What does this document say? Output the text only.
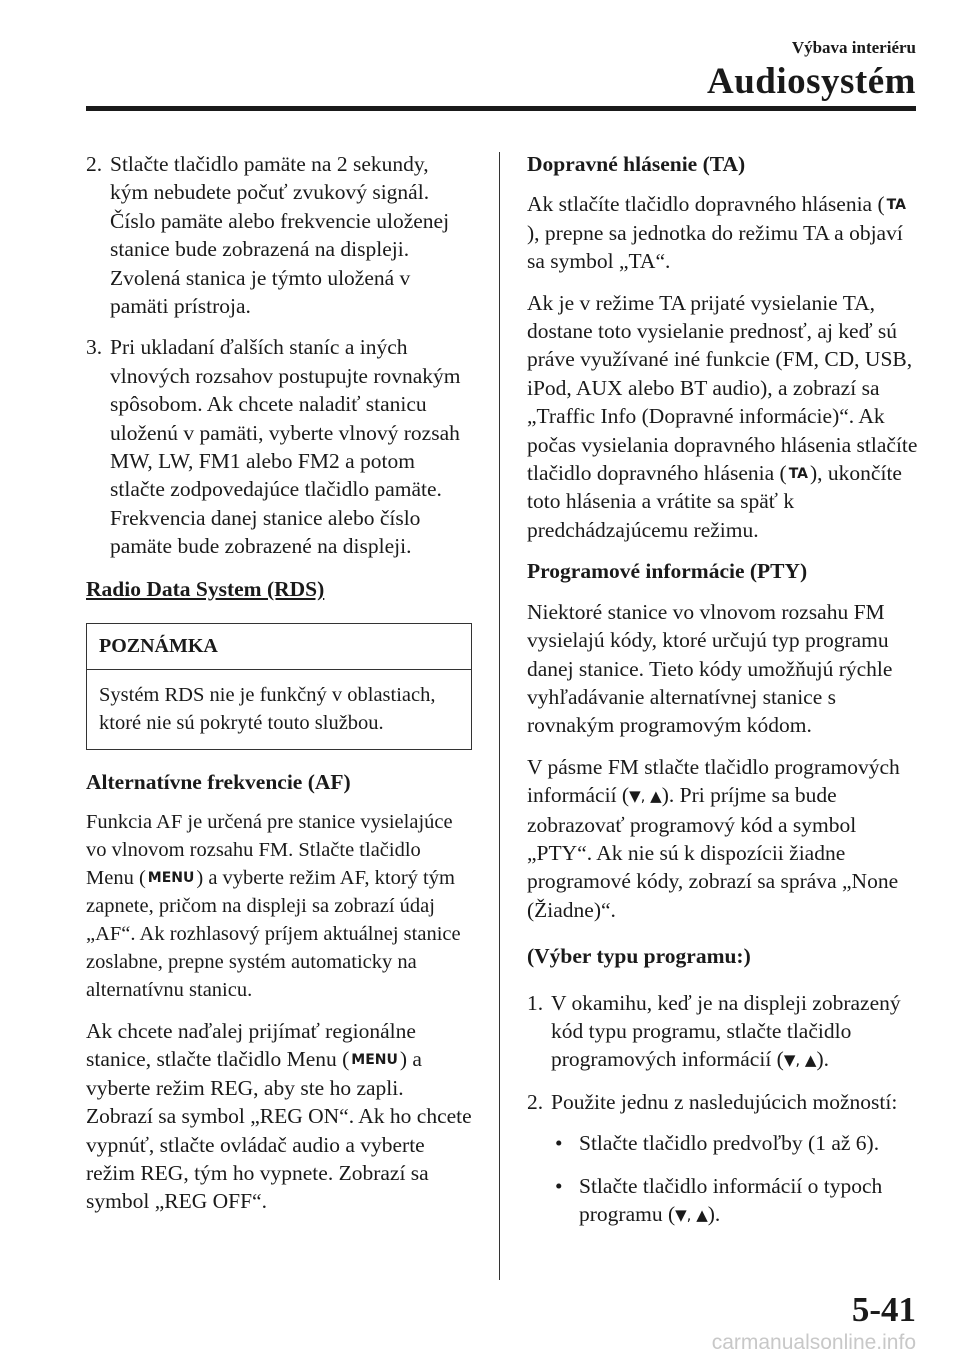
Výbava interiéru
Audiosystém
2. Stlačte tlačidlo pamäte na 2 sekundy, kým nebudete počuť zvukový signál. Číslo pamäte alebo frekvencie uloženej stanice bude zobrazená na displeji. Zvolená stanica je týmto uložená v pamäti prístroja.
3. Pri ukladaní ďalších staníc a iných vlnových rozsahov postupujte rovnakým spôsobom. Ak chcete naladiť stanicu uloženú v pamäti, vyberte vlnový rozsah MW, LW, FM1 alebo FM2 a potom stlačte zodpovedajúce tlačidlo pamäte. Frekvencia danej stanice alebo číslo pamäte bude zobrazené na displeji.
Radio Data System (RDS)
POZNÁMKA
Systém RDS nie je funkčný v oblastiach, ktoré nie sú pokryté touto službou.
Alternatívne frekvencie (AF)

Funkcia AF je určená pre stanice vysielajúce vo vlnovom rozsahu FM. Stlačte tlačidlo Menu ( MENU) a vyberte režim AF, ktorý tým zapnete, pričom na displeji sa zobrazí údaj „AF“. Ak rozhlasový príjem aktuálnej stanice zoslabne, prepne systém automaticky na alternatívnu stanicu.

Ak chcete naďalej prijímať regionálne stanice, stlačte tlačidlo Menu ( MENU) a vyberte režim REG, aby ste ho zapli. Zobrazí sa symbol „REG ON“. Ak ho chcete vypnúť, stlačte ovládač audio a vyberte režim REG, tým ho vypnete. Zobrazí sa symbol „REG OFF“.

Dopravné hlásenie (TA)

Ak stlačíte tlačidlo dopravného hlásenia ( TA), prepne sa jednotka do režimu TA a objaví sa symbol „TA“.

Ak je v režime TA prijaté vysielanie TA, dostane toto vysielanie prednosť, aj keď sú práve využívané iné funkcie (FM, CD, USB, iPod, AUX alebo BT audio), a zobrazí sa „Traffic Info (Dopravné informácie)“. Ak počas vysielania dopravného hlásenia stlačíte tlačidlo dopravného hlásenia ( TA), ukončíte toto hlásenia a vrátite sa späť k predchádzajúcemu režimu.

Programové informácie (PTY)

Niektoré stanice vo vlnovom rozsahu FM vysielajú kódy, ktoré určujú typ programu danej stanice. Tieto kódy umožňujú rýchle vyhľadávanie alternatívnej stanice s rovnakým programovým kódom.

V pásme FM stlačte tlačidlo programových informácií (▼, ▲). Pri príjme sa bude zobrazovať programový kód a symbol „PTY“. Ak nie sú k dispozícii žiadne programové kódy, zobrazí sa správa „None (Žiadne)“.

(Výber typu programu:)
1. V okamihu, keď je na displeji zobrazený kód typu programu, stlačte tlačidlo programových informácií (▼, ▲).
2. Použite jednu z nasledujúcich možností:
• Stlačte tlačidlo predvoľby (1 až 6).
• Stlačte tlačidlo informácií o typoch programu (▼, ▲).
5-41
carmanualsonline.info
